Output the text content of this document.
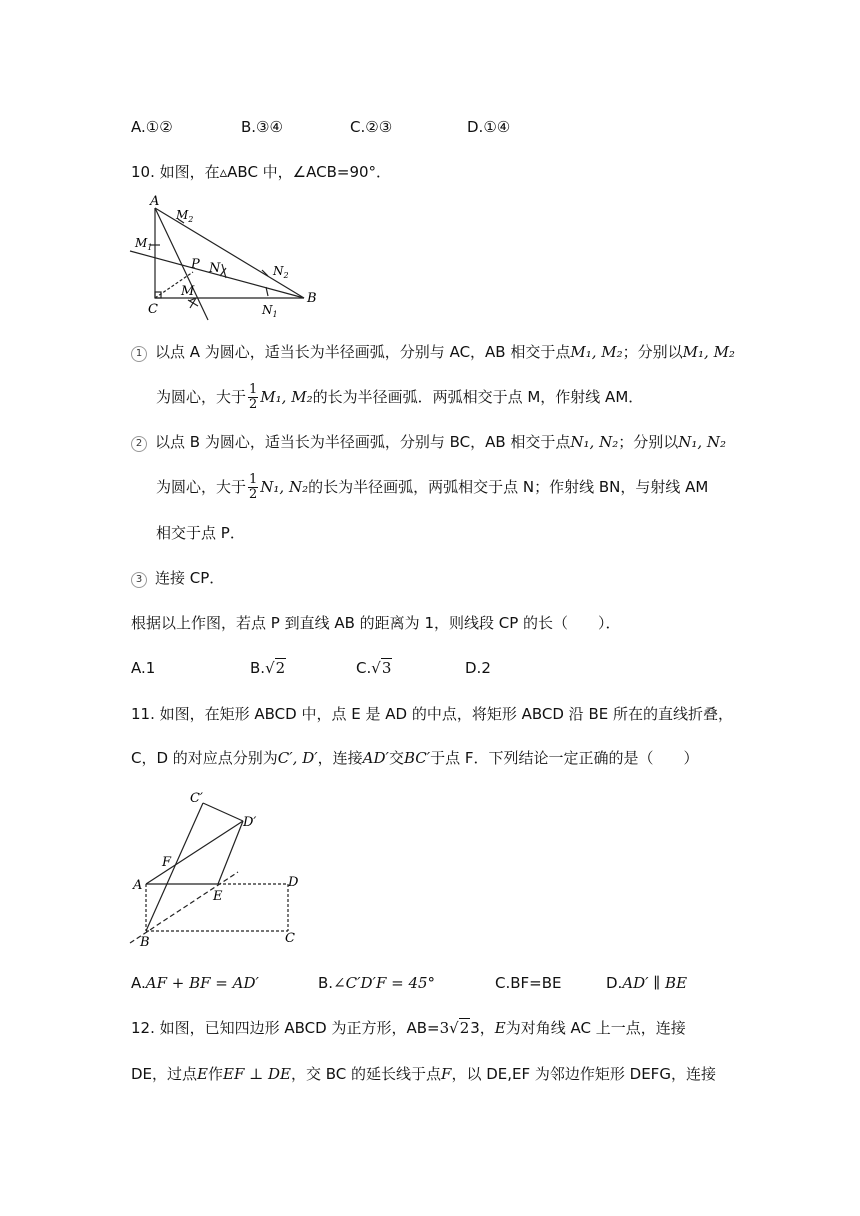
A.①②	B.③④	C.②③	D.①④
10. 如图，在▵ABC 中，∠ACB=90°．
A
B
C
M
P N
$M_1$
$M_2$
$N_1$
$N_2$
1 以点 A 为圆心，适当长为半径画弧，分别与 AC，AB 相交于点M₁, M₂；分别以M₁, M₂
为圆心，大于 $\frac{1}{2} M_1$, M₂的长为半径画弧．两弧相交于点 M，作射线 AM．
2 以点 B 为圆心，适当长为半径画弧，分别与 BC，AB 相交于点N₁, N₂；分别以N₁, N₂
为圆心，大于 $\frac{1}{2} N_1$, N₂的长为半径画弧，两弧相交于点 N；作射线 BN，与射线 AM
相交于点 P．
3 连接 CP．
根据以上作图，若点 P 到直线 AB 的距离为 1，则线段 CP 的长（　　）．
A.1	B.√2	C.√3	D.2
11. 如图，在矩形 ABCD 中，点 E 是 AD 的中点，将矩形 ABCD 沿 BE 所在的直线折叠，
C，D 的对应点分别为C′, D′，连接AD′交BC′于点 F．下列结论一定正确的是（　　）
A
B	C
D
E
F
C′
D′
A.AF + BF = AD′	B.∠C′D′F = 45°	C.BF=BE	D.AD′ ∥ BE
12. 如图，已知四边形 ABCD 为正方形，AB=3√23，E为对角线 AC 上一点，连接
DE，过点E作EF ⊥ DE，交 BC 的延长线于点F，以 DE,EF 为邻边作矩形 DEFG，连接
